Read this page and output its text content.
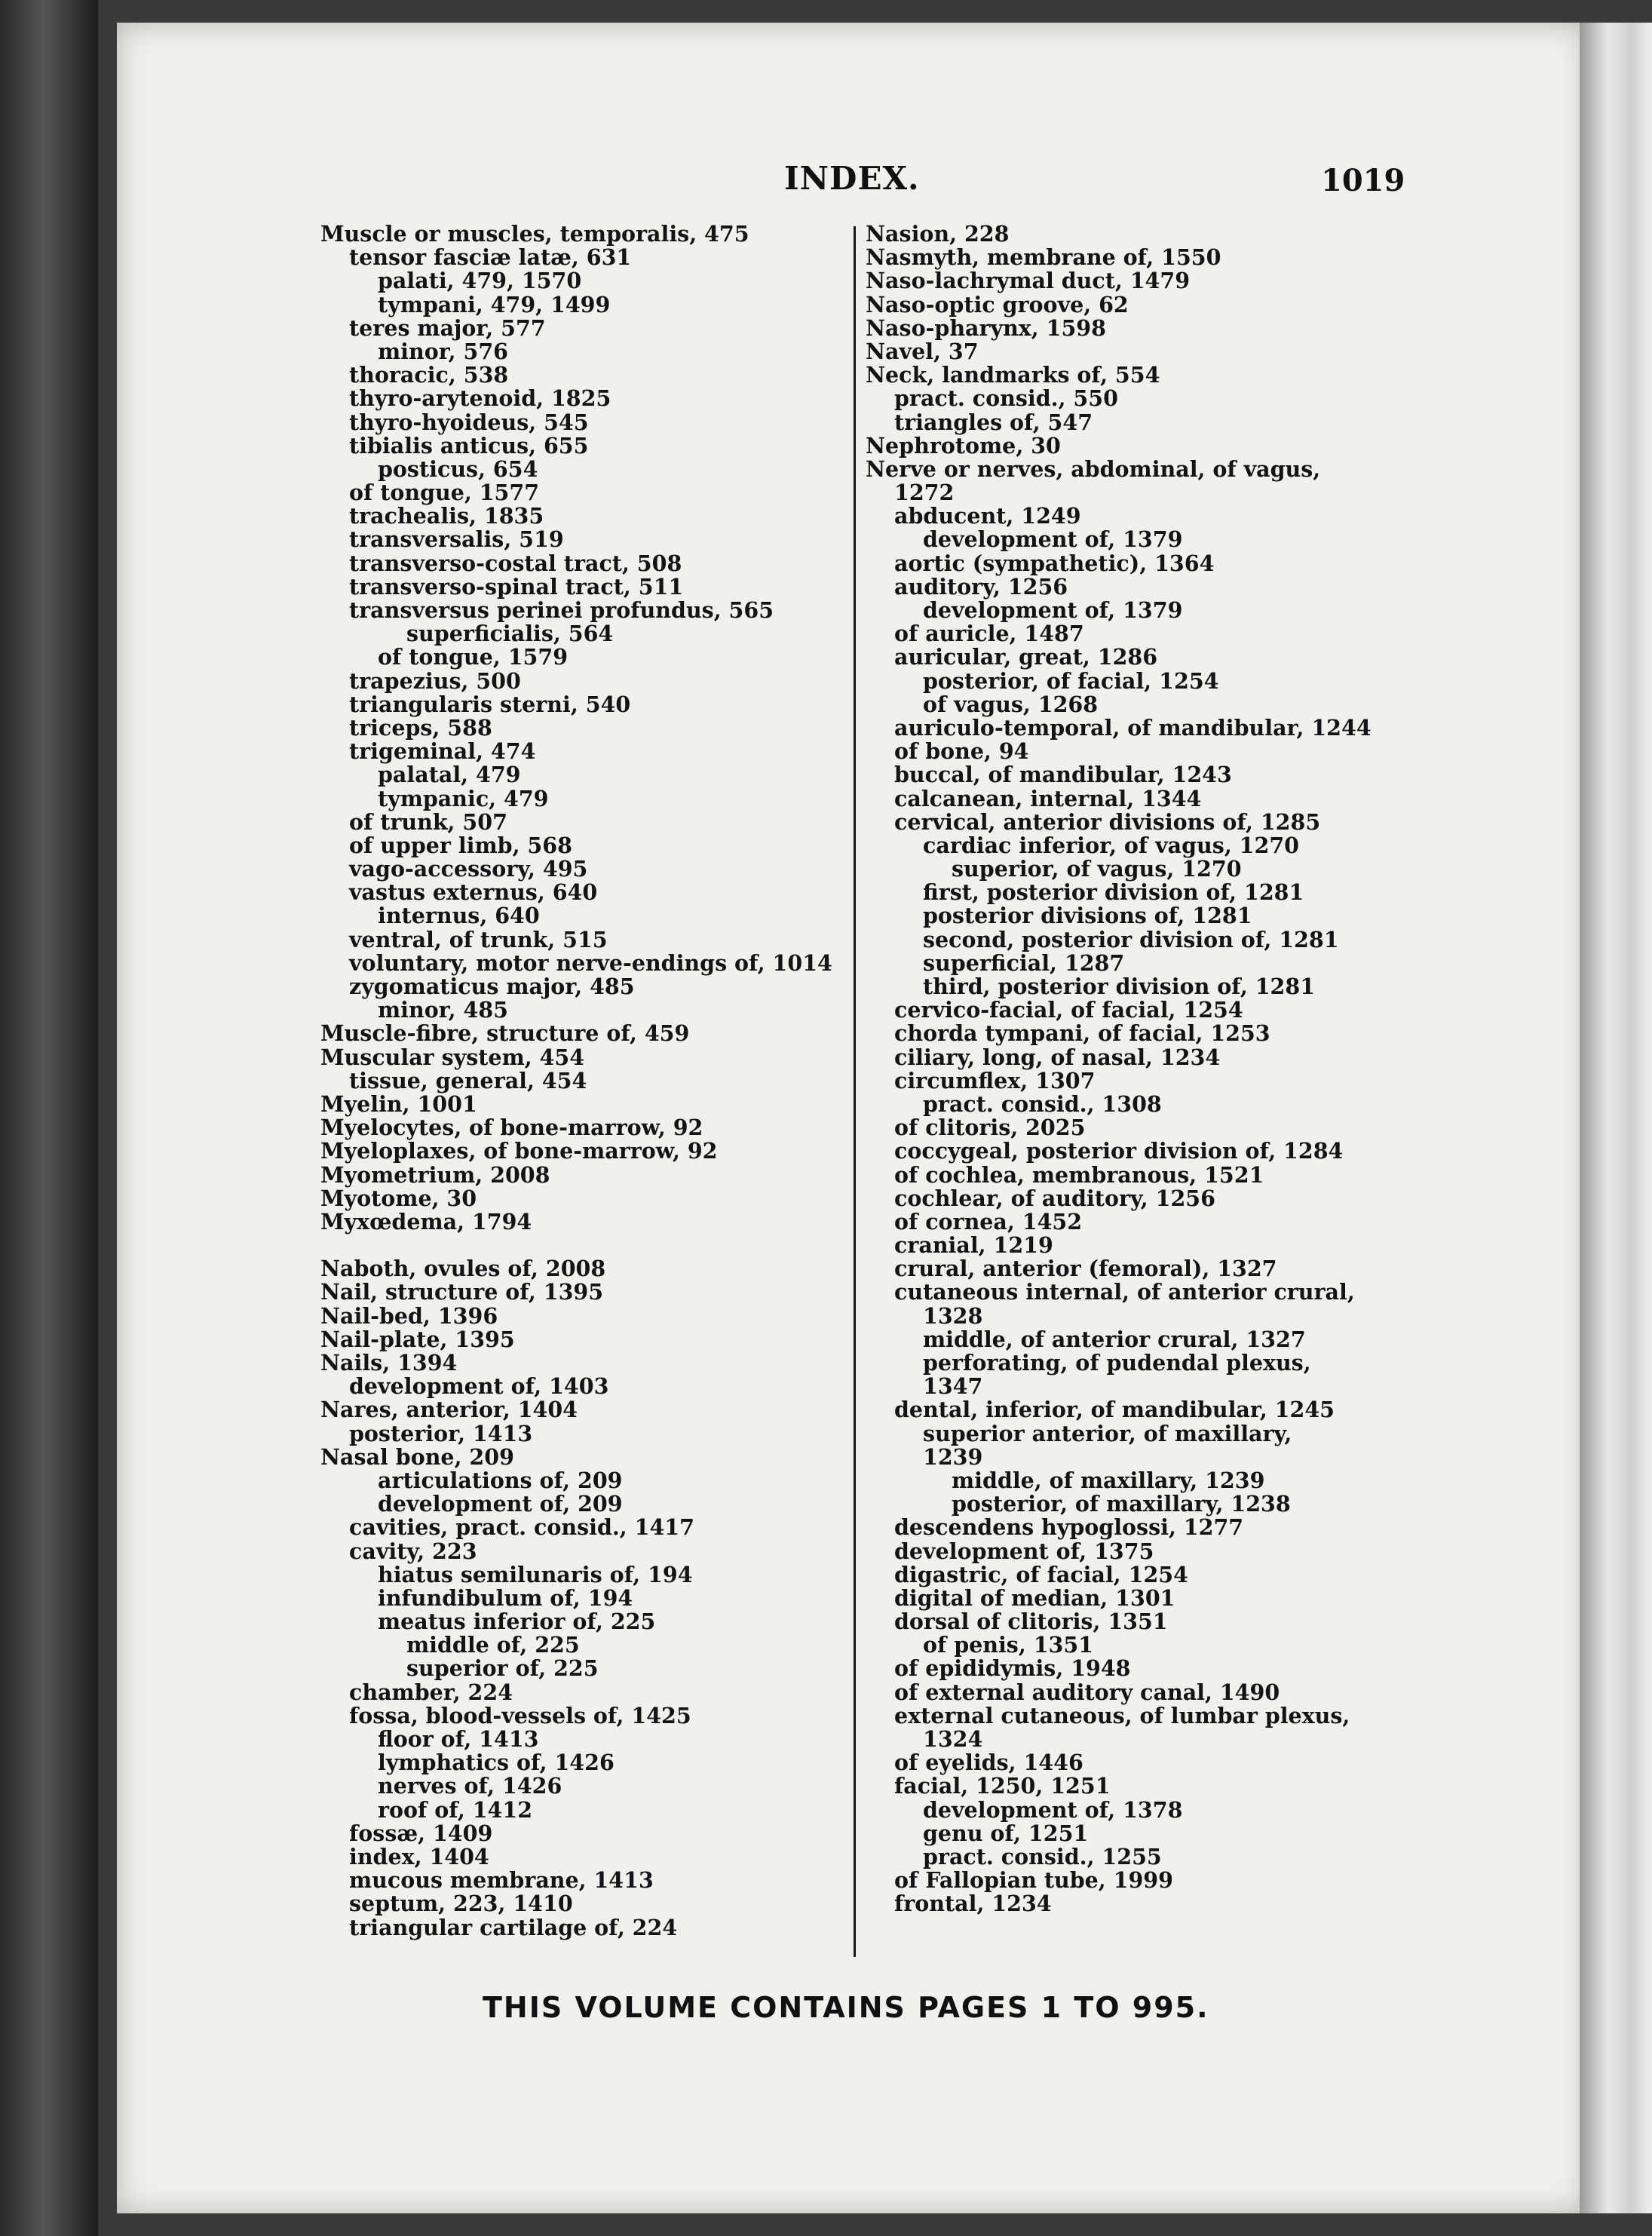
INDEX.	1019
Muscle or muscles, temporalis, 475
tensor fasciæ latæ, 631
palati, 479, 1570
tympani, 479, 1499
teres major, 577
minor, 576
thoracic, 538
thyro-arytenoid, 1825
thyro-hyoideus, 545
tibialis anticus, 655
posticus, 654
of tongue, 1577
trachealis, 1835
transversalis, 519
transverso-costal tract, 508
transverso-spinal tract, 511
transversus perinei profundus, 565
superficialis, 564
of tongue, 1579
trapezius, 500
triangularis sterni, 540
triceps, 588
trigeminal, 474
palatal, 479
tympanic, 479
of trunk, 507
of upper limb, 568
vago-accessory, 495
vastus externus, 640
internus, 640
ventral, of trunk, 515
voluntary, motor nerve-endings of, 1014
zygomaticus major, 485
minor, 485
Muscle-fibre, structure of, 459
Muscular system, 454
tissue, general, 454
Myelin, 1001
Myelocytes, of bone-marrow, 92
Myeloplaxes, of bone-marrow, 92
Myometrium, 2008
Myotome, 30
Myxœdema, 1794
Naboth, ovules of, 2008
Nail, structure of, 1395
Nail-bed, 1396
Nail-plate, 1395
Nails, 1394
development of, 1403
Nares, anterior, 1404
posterior, 1413
Nasal bone, 209
articulations of, 209
development of, 209
cavities, pract. consid., 1417
cavity, 223
hiatus semilunaris of, 194
infundibulum of, 194
meatus inferior of, 225
middle of, 225
superior of, 225
chamber, 224
fossa, blood-vessels of, 1425
floor of, 1413
lymphatics of, 1426
nerves of, 1426
roof of, 1412
fossæ, 1409
index, 1404
mucous membrane, 1413
septum, 223, 1410
triangular cartilage of, 224
Nasion, 228
Nasmyth, membrane of, 1550
Naso-lachrymal duct, 1479
Naso-optic groove, 62
Naso-pharynx, 1598
Navel, 37
Neck, landmarks of, 554
pract. consid., 550
triangles of, 547
Nephrotome, 30
Nerve or nerves, abdominal, of vagus,
1272
abducent, 1249
development of, 1379
aortic (sympathetic), 1364
auditory, 1256
development of, 1379
of auricle, 1487
auricular, great, 1286
posterior, of facial, 1254
of vagus, 1268
auriculo-temporal, of mandibular, 1244
of bone, 94
buccal, of mandibular, 1243
calcanean, internal, 1344
cervical, anterior divisions of, 1285
cardiac inferior, of vagus, 1270
superior, of vagus, 1270
first, posterior division of, 1281
posterior divisions of, 1281
second, posterior division of, 1281
superficial, 1287
third, posterior division of, 1281
cervico-facial, of facial, 1254
chorda tympani, of facial, 1253
ciliary, long, of nasal, 1234
circumflex, 1307
pract. consid., 1308
of clitoris, 2025
coccygeal, posterior division of, 1284
of cochlea, membranous, 1521
cochlear, of auditory, 1256
of cornea, 1452
cranial, 1219
crural, anterior (femoral), 1327
cutaneous internal, of anterior crural,
1328
middle, of anterior crural, 1327
perforating, of pudendal plexus,
1347
dental, inferior, of mandibular, 1245
superior anterior, of maxillary,
1239
middle, of maxillary, 1239
posterior, of maxillary, 1238
descendens hypoglossi, 1277
development of, 1375
digastric, of facial, 1254
digital of median, 1301
dorsal of clitoris, 1351
of penis, 1351
of epididymis, 1948
of external auditory canal, 1490
external cutaneous, of lumbar plexus,
1324
of eyelids, 1446
facial, 1250, 1251
development of, 1378
genu of, 1251
pract. consid., 1255
of Fallopian tube, 1999
frontal, 1234
THIS VOLUME CONTAINS PAGES 1 TO 995.
